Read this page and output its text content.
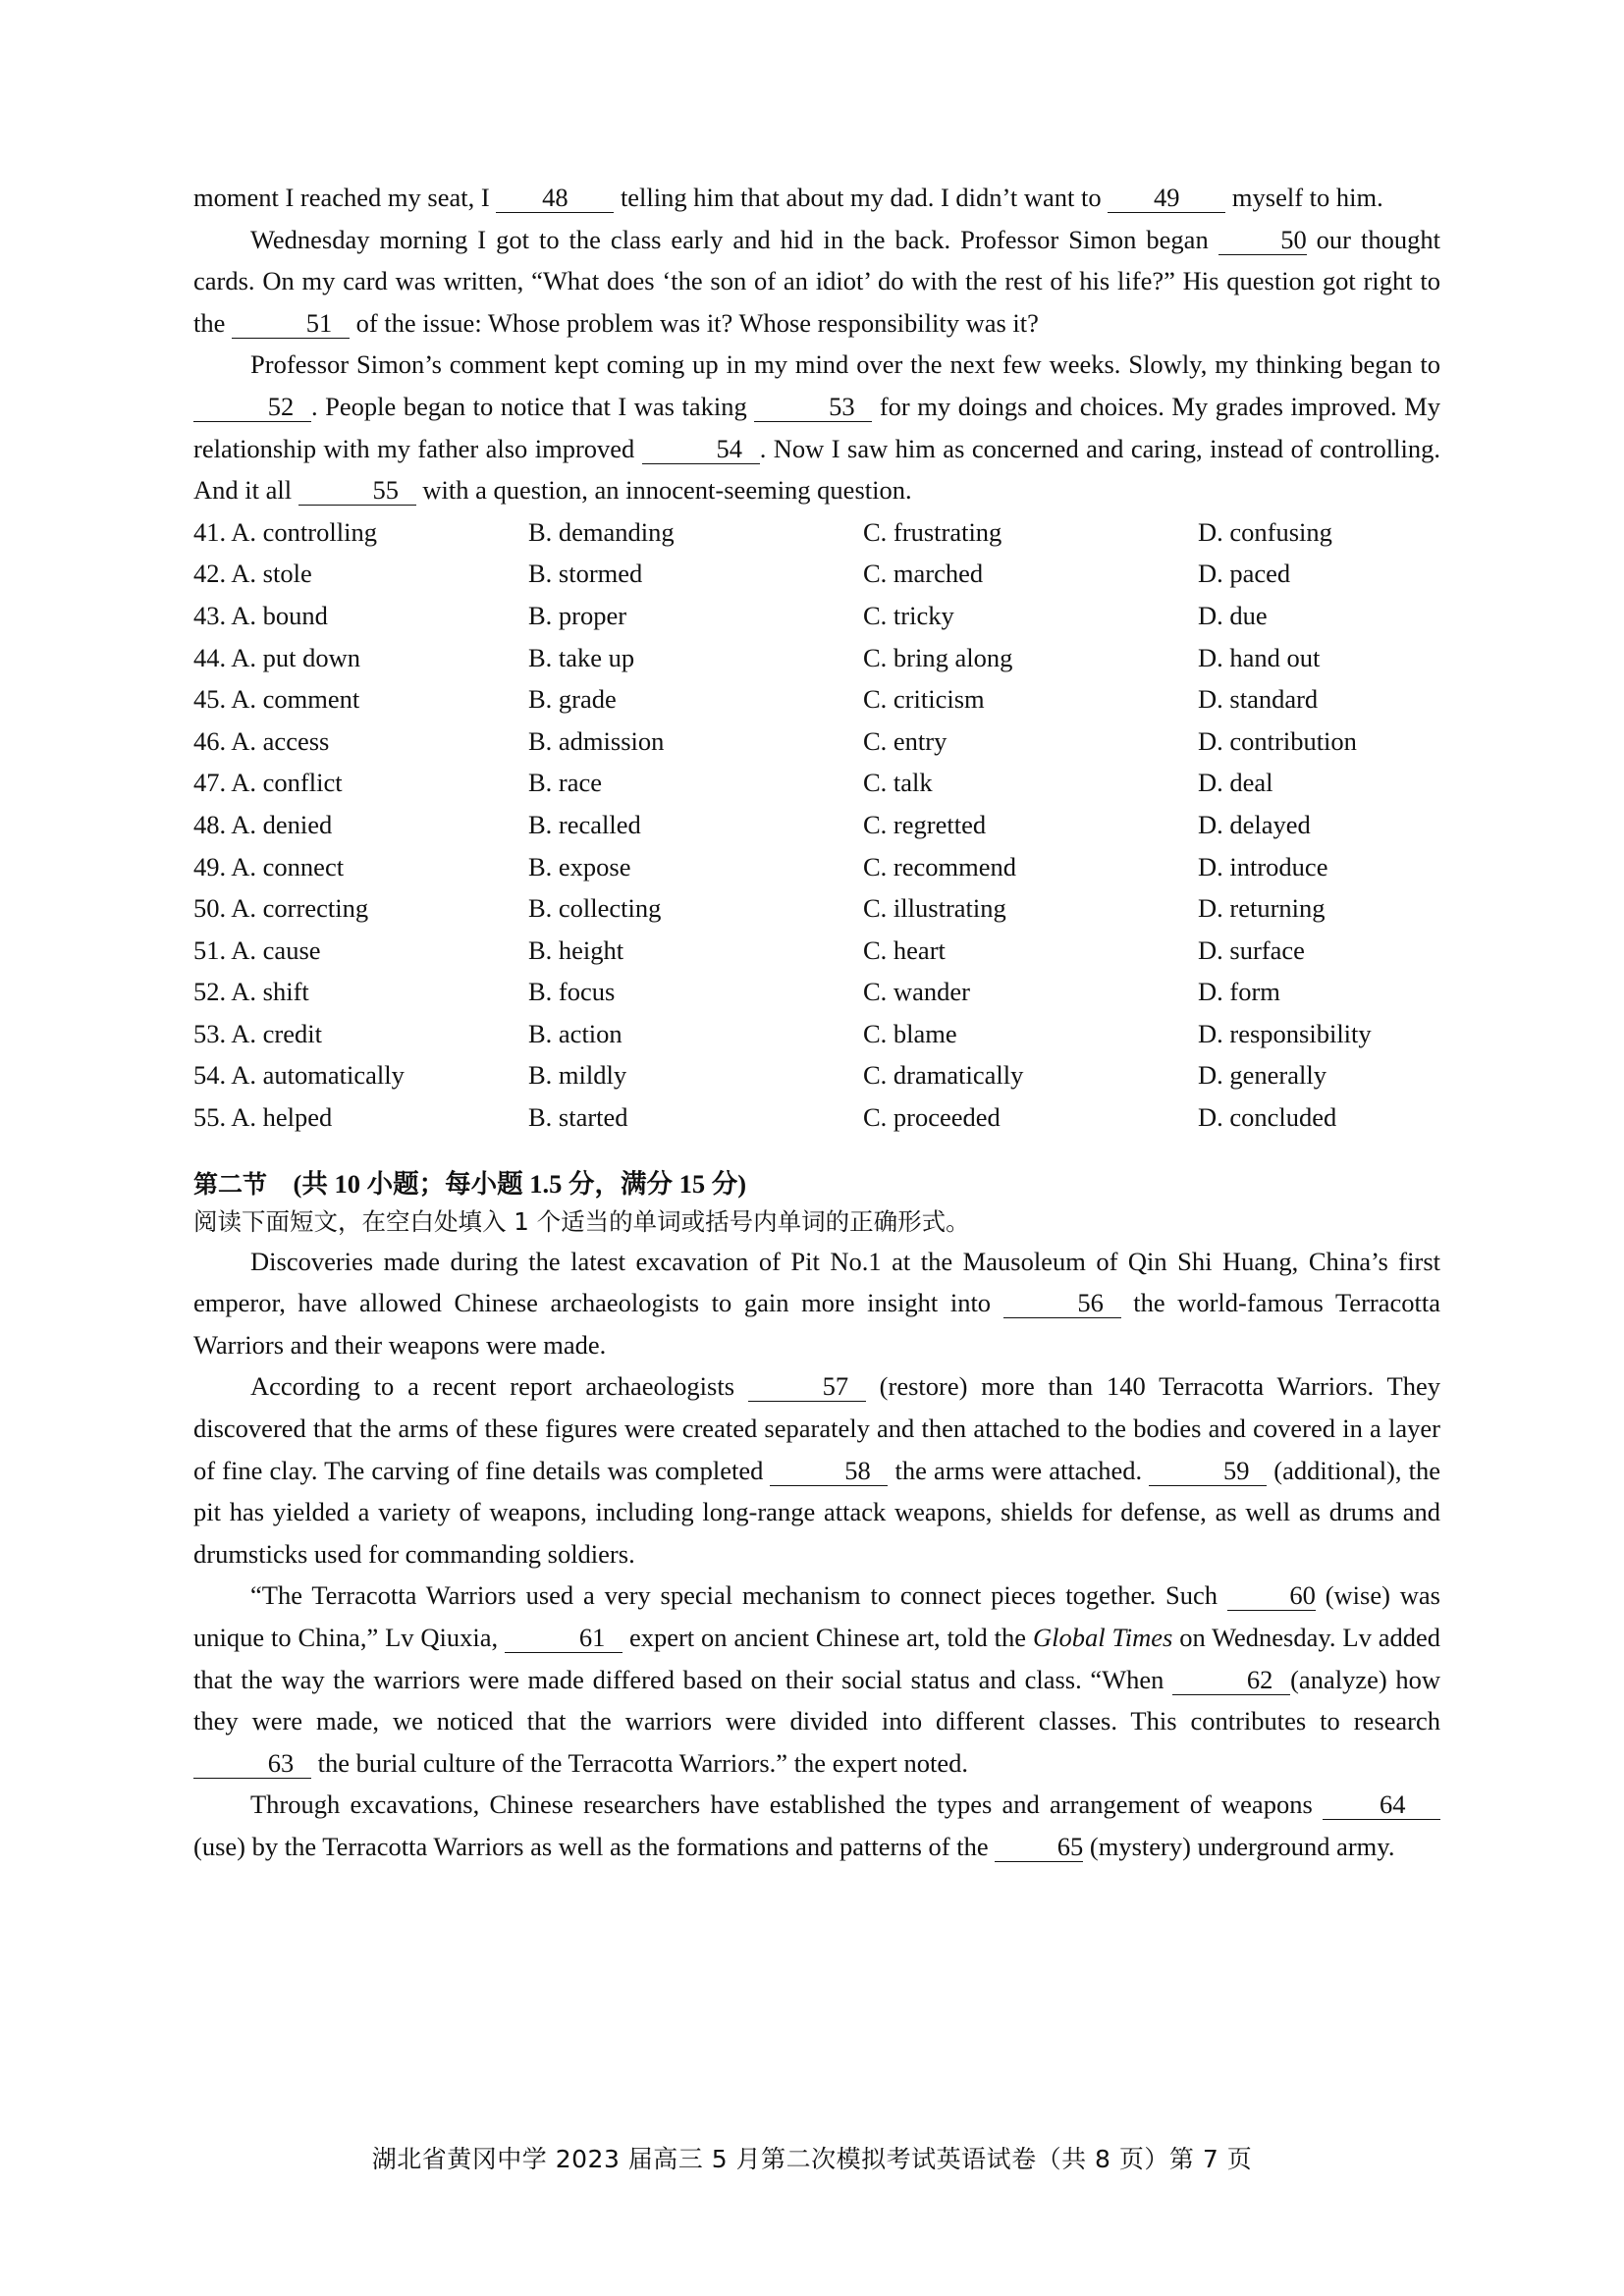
moment I reached my seat, I 48 telling him that about my dad. I didn’t want to 49 myself to him.

Wednesday morning I got to the class early and hid in the back. Professor Simon began 50 our thought cards. On my card was written, “What does ‘the son of an idiot’ do with the rest of his life?” His question got right to the	51 of the issue: Whose problem was it? Whose responsibility was it?

Professor Simon’s comment kept coming up in my mind over the next few weeks. Slowly, my thinking began to 52 . People began to notice that I was taking	53 for my doings and choices. My grades improved. My relationship with my father also improved	54 . Now I saw him as concerned and caring, instead of controlling. And it all	55 with a question, an innocent-seeming question.

41. A. controlling	B. demanding	C. frustrating	D. confusing
42. A. stole	B. stormed	C. marched	D. paced
43. A. bound	B. proper	C. tricky	D. due
44. A. put down	B. take up	C. bring along	D. hand out
45. A. comment	B. grade	C. criticism	D. standard
46. A. access	B. admission	C. entry	D. contribution
47. A. conflict	B. race	C. talk	D. deal
48. A. denied	B. recalled	C. regretted	D. delayed
49. A. connect	B. expose	C. recommend	D. introduce
50. A. correcting	B. collecting	C. illustrating	D. returning
51. A. cause	B. height	C. heart	D. surface
52. A. shift	B. focus	C. wander	D. form
53. A. credit	B. action	C. blame	D. responsibility
54. A. automatically	B. mildly	C. dramatically	D. generally
55. A. helped	B. started	C. proceeded	D. concluded
第二节 (共 10 小题；每小题 1.5 分，满分 15 分)
阅读下面短文，在空白处填入 1 个适当的单词或括号内单词的正确形式。

Discoveries made during the latest excavation of Pit No.1 at the Mausoleum of Qin Shi Huang, China’s first emperor, have allowed Chinese archaeologists to gain more insight into	56 the world-famous Terracotta Warriors and their weapons were made.

According to a recent report archaeologists	57 (restore) more than 140 Terracotta Warriors. They discovered that the arms of these figures were created separately and then attached to the bodies and covered in a layer of fine clay. The carving of fine details was completed	58 the arms were attached.	59 (additional), the pit has yielded a variety of weapons, including long-range attack weapons, shields for defense, as well as drums and drumsticks used for commanding soldiers.

“The Terracotta Warriors used a very special mechanism to connect pieces together. Such 60 (wise) was unique to China,” Lv Qiuxia,	61 expert on ancient Chinese art, told the Global Times on Wednesday. Lv added that the way the warriors were made differed based on their social status and class. “When	62 (analyze) how they were made, we noticed that the warriors were divided into different classes. This contributes to research 63 the burial culture of the Terracotta Warriors.” the expert noted.

Through excavations, Chinese researchers have established the types and arrangement of weapons 64(use) by the Terracotta Warriors as well as the formations and patterns of the 65 (mystery) underground army.

湖北省黄冈中学 2023 届高三 5 月第二次模拟考试英语试卷（共 8 页）第 7 页
